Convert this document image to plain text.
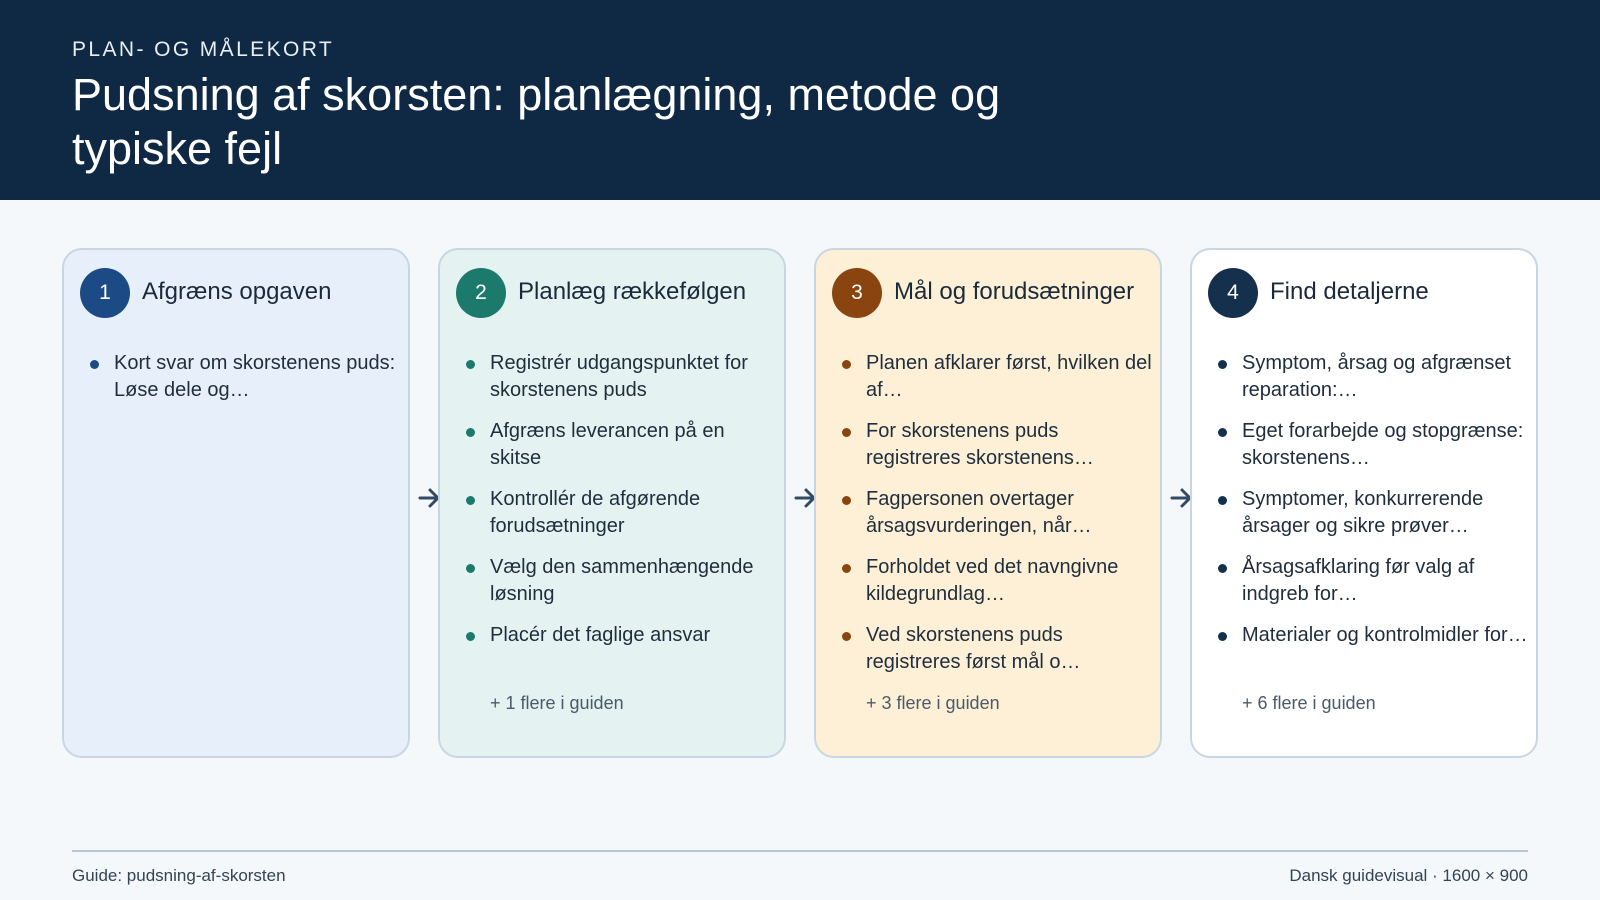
PLAN- OG MÅLEKORT
Pudsning af skorsten: planlægning, metode og typiske fejl
1	Afgræns opgaven
Kort svar om skorstenens puds: Løse dele og…
2	Planlæg rækkefølgen
Registrér udgangspunktet for skorstenens puds
Afgræns leverancen på en skitse
Kontrollér de afgørende forudsætninger
Vælg den sammenhængende løsning
Placér det faglige ansvar
+ 1 flere i guiden
3	Mål og forudsætninger
Planen afklarer først, hvilken del af…
For skorstenens puds registreres skorstenens…
Fagpersonen overtager årsagsvurderingen, når…
Forholdet ved det navngivne kildegrundlag…
Ved skorstenens puds registreres først mål o…
+ 3 flere i guiden
4	Find detaljerne
Symptom, årsag og afgrænset reparation:…
Eget forarbejde og stopgrænse: skorstenens…
Symptomer, konkurrerende årsager og sikre prøver…
Årsagsafklaring før valg af indgreb for…
Materialer og kontrolmidler for…
+ 6 flere i guiden
Guide: pudsning-af-skorsten	Dansk guidevisual · 1600 × 900
